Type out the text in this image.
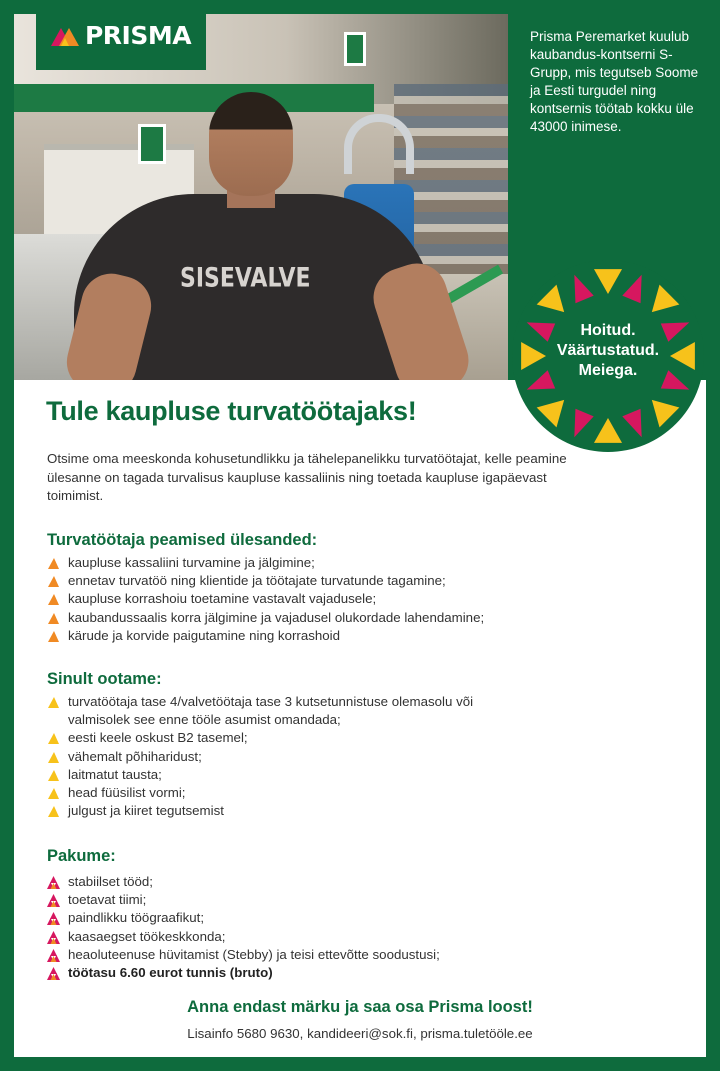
SISEVALVE
PRISMA	Prisma Peremarket kuulub kaubandus-kontserni S-Grupp, mis tegutseb Soome ja Eesti turgudel ning kontsernis töötab kokku üle 43000 inimese.
Hoitud.
Väärtustatud.
Meiega.
Tule kaupluse turvatöötajaks!
Otsime oma meeskonda kohusetundlikku ja tähelepanelikku turvatöötajat, kelle peamine ülesanne on tagada turvalisus kaupluse kassaliinis ning toetada kaupluse igapäevast toimimist.
Turvatöötaja peamised ülesanded:
kaupluse kassaliini turvamine ja jälgimine;
ennetav turvatöö ning klientide ja töötajate turvatunde tagamine;
kaupluse korrashoiu toetamine vastavalt vajadusele;
kaubandussaalis korra jälgimine ja vajadusel olukordade lahendamine;
kärude ja korvide paigutamine ning korrashoid
Sinult ootame:
turvatöötaja tase 4/valvetöötaja tase 3 kutsetunnistuse olemasolu või valmisolek see enne tööle asumist omandada;
eesti keele oskust B2 tasemel;
vähemalt põhiharidust;
laitmatut tausta;
head füüsilist vormi;
julgust ja kiiret tegutsemist
Pakume:
stabiilset tööd;
toetavat tiimi;
paindlikku töögraafikut;
kaasaegset töökeskkonda;
heaoluteenuse hüvitamist (Stebby) ja teisi ettevõtte soodustusi;
töötasu 6.60 eurot tunnis (bruto)
Anna endast märku ja saa osa Prisma loost!
Lisainfo 5680 9630, kandideeri@sok.fi, prisma.tuletööle.ee
